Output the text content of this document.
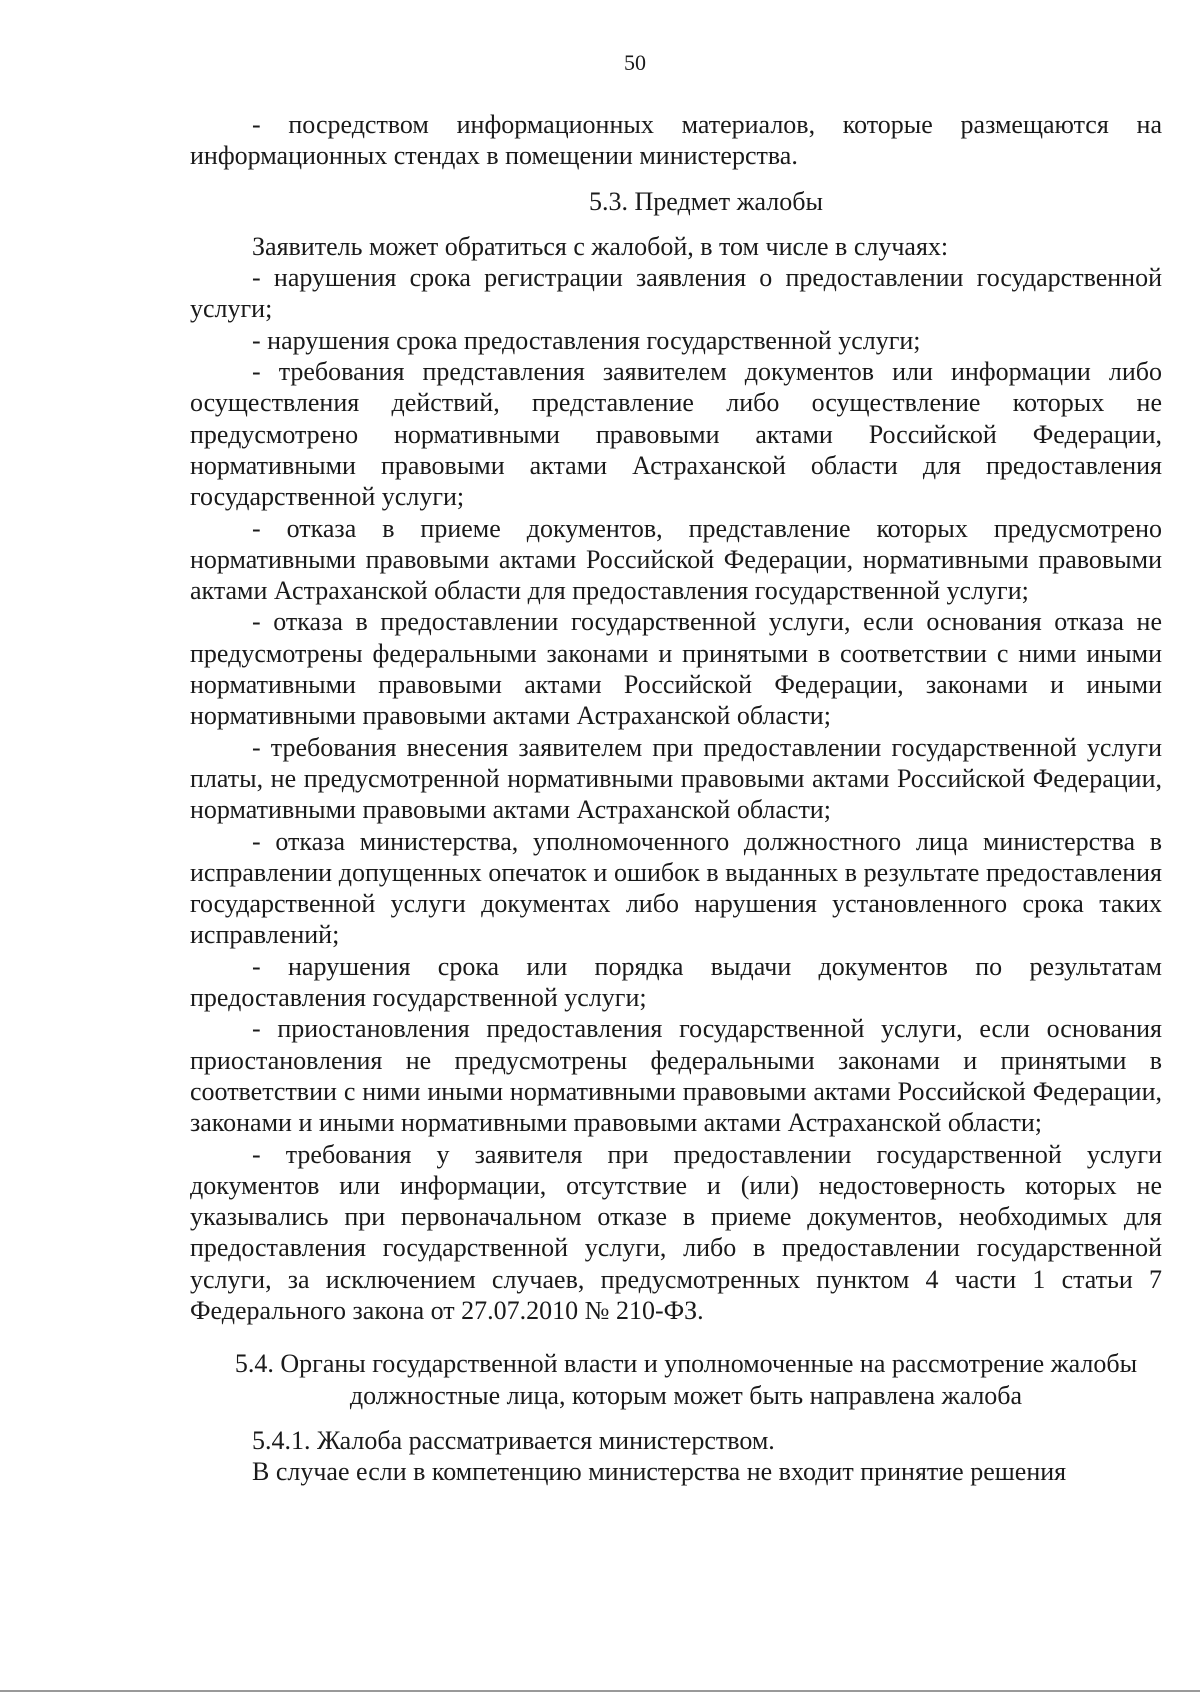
50

- посредством информационных материалов, которые размещаются на информационных стендах в помещении министерства.

5.3. Предмет жалобы

Заявитель может обратиться с жалобой, в том числе в случаях:

- нарушения срока регистрации заявления о предоставлении государственной услуги;

- нарушения срока предоставления государственной услуги;

- требования представления заявителем документов или информации либо осуществления действий, представление либо осуществление которых не предусмотрено нормативными правовыми актами Российской Федерации, нормативными правовыми актами Астраханской области для предоставления государственной услуги;

- отказа в приеме документов, представление которых предусмотрено нормативными правовыми актами Российской Федерации, нормативными правовыми актами Астраханской области для предоставления государственной услуги;

- отказа в предоставлении государственной услуги, если основания отказа не предусмотрены федеральными законами и принятыми в соответствии с ними иными нормативными правовыми актами Российской Федерации, законами и иными нормативными правовыми актами Астраханской области;

- требования внесения заявителем при предоставлении государственной услуги платы, не предусмотренной нормативными правовыми актами Российской Федерации, нормативными правовыми актами Астраханской области;

- отказа министерства, уполномоченного должностного лица министерства в исправлении допущенных опечаток и ошибок в выданных в результате предоставления государственной услуги документах либо нарушения установленного срока таких исправлений;

- нарушения срока или порядка выдачи документов по результатам предоставления государственной услуги;

- приостановления предоставления государственной услуги, если основания приостановления не предусмотрены федеральными законами и принятыми в соответствии с ними иными нормативными правовыми актами Российской Федерации, законами и иными нормативными правовыми актами Астраханской области;

- требования у заявителя при предоставлении государственной услуги документов или информации, отсутствие и (или) недостоверность которых не указывались при первоначальном отказе в приеме документов, необходимых для предоставления государственной услуги, либо в предоставлении государственной услуги, за исключением случаев, предусмотренных пунктом 4 части 1 статьи 7 Федерального закона от 27.07.2010 № 210-ФЗ.

5.4. Органы государственной власти и уполномоченные на рассмотрение жалобы должностные лица, которым может быть направлена жалоба

5.4.1. Жалоба рассматривается министерством.

В случае если в компетенцию министерства не входит принятие решения
